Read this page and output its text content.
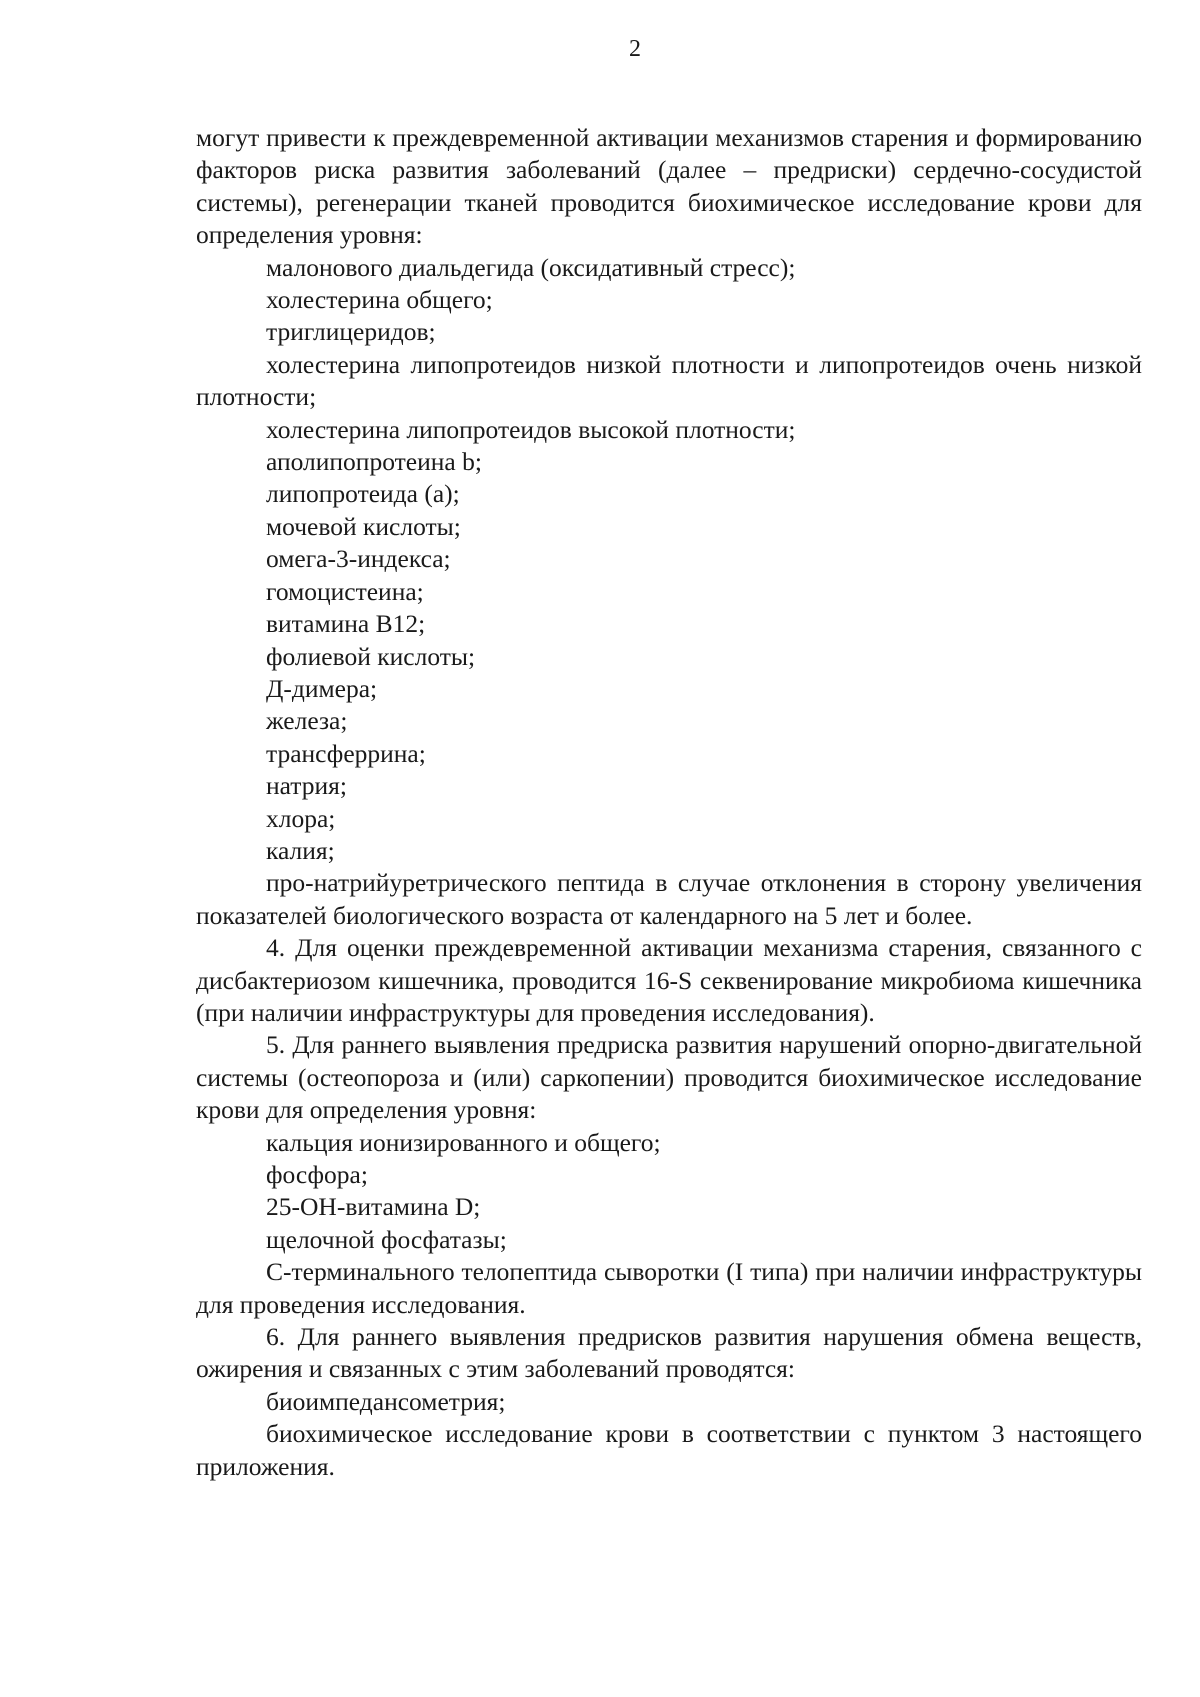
2

могут привести к преждевременной активации механизмов старения и формированию факторов риска развития заболеваний (далее – предриски) сердечно-сосудистой системы), регенерации тканей проводится биохимическое исследование крови для определения уровня:

малонового диальдегида (оксидативный стресс);

холестерина общего;

триглицеридов;

холестерина липопротеидов низкой плотности и липопротеидов очень низкой плотности;

холестерина липопротеидов высокой плотности;

аполипопротеина b;

липопротеида (а);

мочевой кислоты;

омега-3-индекса;

гомоцистеина;

витамина В12;

фолиевой кислоты;

Д-димера;

железа;

трансферрина;

натрия;

хлора;

калия;

про-натрийуретрического пептида в случае отклонения в сторону увеличения показателей биологического возраста от календарного на 5 лет и более.

4. Для оценки преждевременной активации механизма старения, связанного с дисбактериозом кишечника, проводится 16-S секвенирование микробиома кишечника (при наличии инфраструктуры для проведения исследования).

5. Для раннего выявления предриска развития нарушений опорно-двигательной системы (остеопороза и (или) саркопении) проводится биохимическое исследование крови для определения уровня:

кальция ионизированного и общего;

фосфора;

25-ОН-витамина D;

щелочной фосфатазы;

С-терминального телопептида сыворотки (I типа) при наличии инфраструктуры для проведения исследования.

6. Для раннего выявления предрисков развития нарушения обмена веществ, ожирения и связанных с этим заболеваний проводятся:

биоимпедансометрия;

биохимическое исследование крови в соответствии с пунктом 3 настоящего приложения.
